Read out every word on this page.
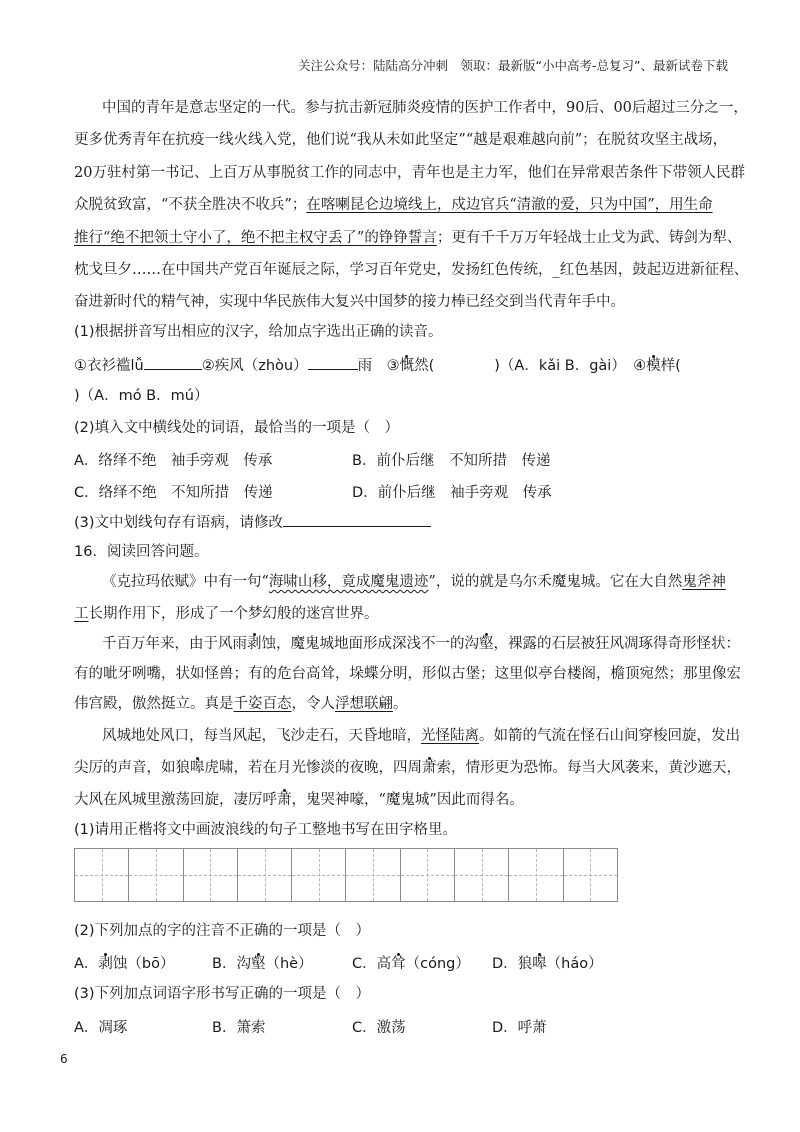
关注公众号：陆陆高分冲刺　领取：最新版“小中高考-总复习”、最新试卷下载
中国的青年是意志坚定的一代。参与抗击新冠肺炎疫情的医护工作者中，90后、00后超过三分之一，
更多优秀青年在抗疫一线火线入党，他们说“我从未如此坚定”“越是艰难越向前”；在脱贫攻坚主战场，
20万驻村第一书记、上百万从事脱贫工作的同志中，青年也是主力军，他们在异常艰苦条件下带领人民群
众脱贫致富，“不获全胜决不收兵”；在喀喇昆仑边境线上，戍边官兵“清澈的爱，只为中国”，用生命
推行“绝不把领土守小了，绝不把主权守丢了”的铮铮誓言；更有千千万万年轻战士止戈为武、铸剑为犁、
枕戈旦夕……在中国共产党百年诞辰之际，学习百年党史，发扬红色传统，_红色基因，鼓起迈进新征程、
奋进新时代的精气神，实现中华民族伟大复兴中国梦的接力棒已经交到当代青年手中。
(1)根据拼音写出相应的汉字，给加点字选出正确的读音。
①衣衫褴lǚ	②疾风（zhòu）	雨　③慨然(	)（A．kǎi B．gài）　④模样(
)（A．mó B．mú）
(2)填入文中横线处的词语，最恰当的一项是（　）
A．络绎不绝　袖手旁观　传承	B．前仆后继　不知所措　传递
C．络绎不绝　不知所措　传递	D．前仆后继　袖手旁观　传承
(3)文中划线句存有语病，请修改
16．阅读回答问题。
《克拉玛依赋》中有一句“海啸山移，竟成魔鬼遗迹”，说的就是乌尔禾魔鬼城。它在大自然鬼斧神
工长期作用下，形成了一个梦幻般的迷宫世界。
千百万年来，由于风雨剥蚀，魔鬼城地面形成深浅不一的沟壑，裸露的石层被狂风凋琢得奇形怪状：
有的呲牙咧嘴，状如怪兽；有的危台高耸，垛蝶分明，形似古堡；这里似亭台楼阁，檐顶宛然；那里像宏
伟宫殿，傲然挺立。真是千姿百态，令人浮想联翩。
风城地处风口，每当风起，飞沙走石，天昏地暗，光怪陆离。如箭的气流在怪石山间穿梭回旋，发出
尖厉的声音，如狼嗥虎啸，若在月光惨淡的夜晚，四周萧索，情形更为恐怖。每当大风袭来，黄沙遮天，
大风在风城里激荡回旋，凄厉呼萧，鬼哭神嚎，“魔鬼城”因此而得名。
(1)请用正楷将文中画波浪线的句子工整地书写在田字格里。
(2)下列加点的字的注音不正确的一项是（　）
A．剥蚀（bō）	B．沟壑（hè）	C．高耸（cóng） D．狼嗥（háo）
(3)下列加点词语字形书写正确的一项是（　）
A．凋琢	B．箫索	C．激荡	D．呼萧
6
